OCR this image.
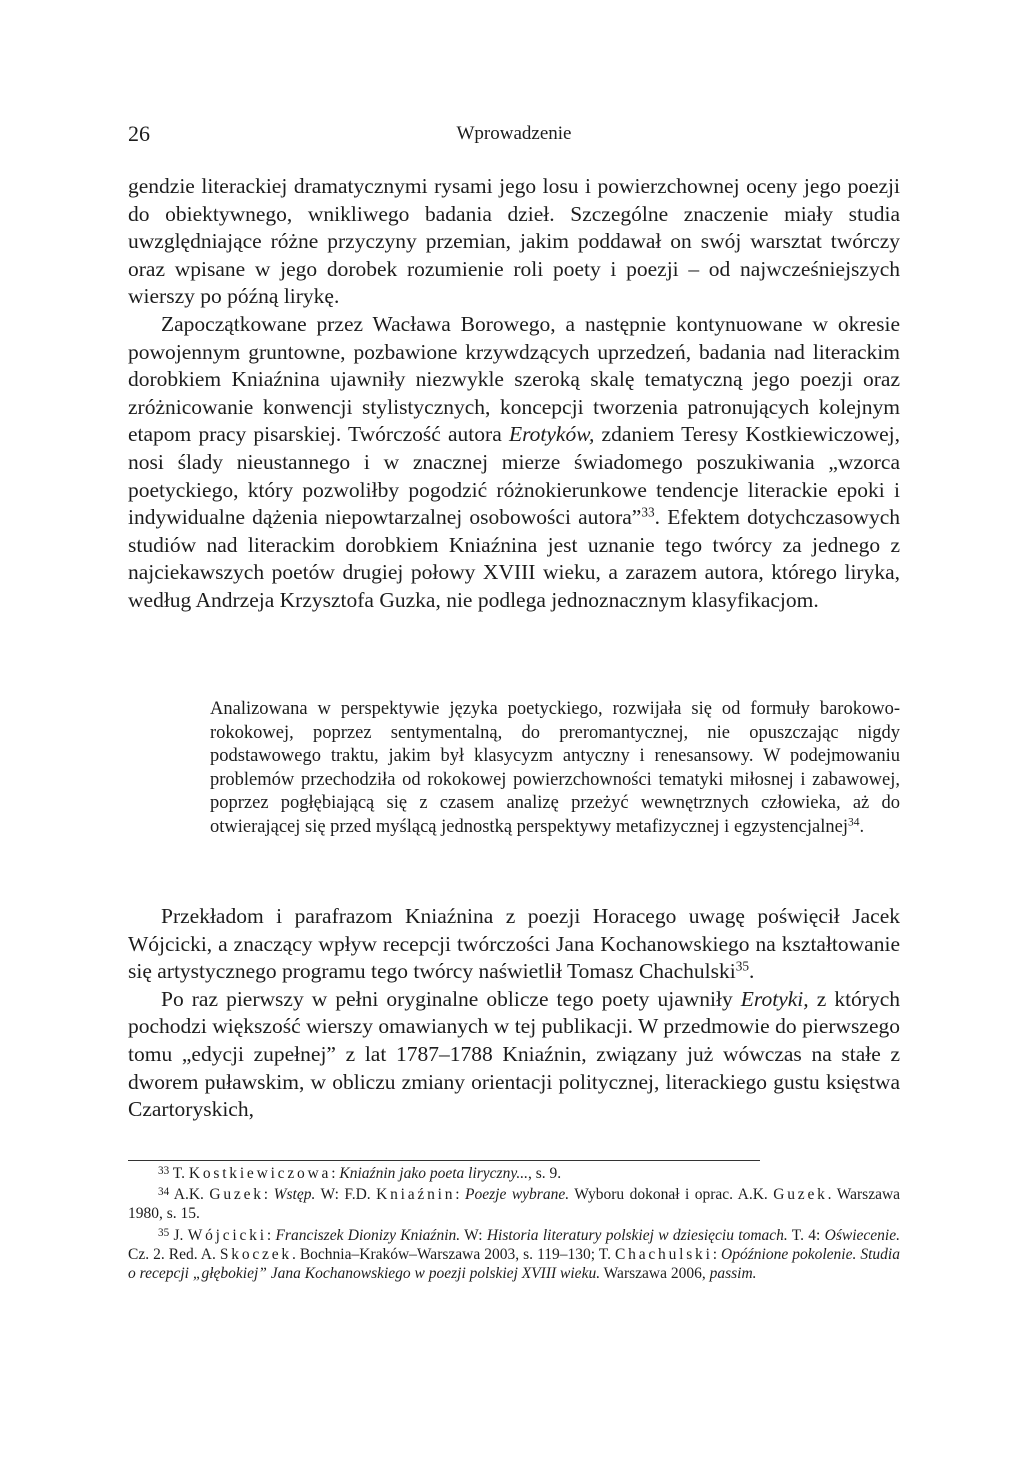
26	Wprowadzenie

gendzie literackiej dramatycznymi rysami jego losu i powierzchownej oceny jego poezji do obiektywnego, wnikliwego badania dzieł. Szczególne znaczenie miały studia uwzględniające różne przyczyny przemian, jakim poddawał on swój warsztat twórczy oraz wpisane w jego dorobek rozumienie roli poety i poezji – od najwcześniejszych wierszy po późną lirykę.

Zapoczątkowane przez Wacława Borowego, a następnie kontynuowane w okresie powojennym gruntowne, pozbawione krzywdzących uprzedzeń, badania nad literackim dorobkiem Kniaźnina ujawniły niezwykle szeroką skalę tematyczną jego poezji oraz zróżnicowanie konwencji stylistycznych, koncepcji tworzenia patronujących kolejnym etapom pracy pisarskiej. Twórczość autora Erotyków, zdaniem Teresy Kostkiewiczowej, nosi ślady nieustannego i w znacznej mierze świadomego poszukiwania „wzorca poetyckiego, który pozwoliłby pogodzić różnokierunkowe tendencje literackie epoki i indywidualne dążenia niepowtarzalnej osobowości autora”$^{33}$. Efektem dotychczasowych studiów nad literackim dorobkiem Kniaźnina jest uznanie tego twórcy za jednego z najciekawszych poetów drugiej połowy XVIII wieku, a zarazem autora, którego liryka, według Andrzeja Krzysztofa Guzka, nie podlega jednoznacznym klasyfikacjom.

Analizowana w perspektywie języka poetyckiego, rozwijała się od formuły barokowo-rokokowej, poprzez sentymentalną, do preromantycznej, nie opuszczając nigdy podstawowego traktu, jakim był klasycyzm antyczny i renesansowy. W podejmowaniu problemów przechodziła od rokokowej powierzchowności tematyki miłosnej i zabawowej, poprzez pogłębiającą się z czasem analizę przeżyć wewnętrznych człowieka, aż do otwierającej się przed myślącą jednostką perspektywy metafizycznej i egzystencjalnej$^{34}$.

Przekładom i parafrazom Kniaźnina z poezji Horacego uwagę poświęcił Jacek Wójcicki, a znaczący wpływ recepcji twórczości Jana Kochanowskiego na kształtowanie się artystycznego programu tego twórcy naświetlił Tomasz Chachulski$^{35}$.

Po raz pierwszy w pełni oryginalne oblicze tego poety ujawniły Erotyki, z których pochodzi większość wierszy omawianych w tej publikacji. W przedmowie do pierwszego tomu „edycji zupełnej” z lat 1787–1788 Kniaźnin, związany już wówczas na stałe z dworem puławskim, w obliczu zmiany orientacji politycznej, literackiego gustu księstwa Czartoryskich,

$^{33}$ T. Kostkiewiczowa: Kniaźnin jako poeta liryczny..., s. 9.

$^{34}$ A.K. Guzek: Wstęp. W: F.D. Kniaźnin: Poezje wybrane. Wyboru dokonał i oprac. A.K. Guzek. Warszawa 1980, s. 15.

$^{35}$ J. Wójcicki: Franciszek Dionizy Kniaźnin. W: Historia literatury polskiej w dziesięciu tomach. T. 4: Oświecenie. Cz. 2. Red. A. Skoczek. Bochnia–Kraków–Warszawa 2003, s. 119–130; T. Chachulski: Opóźnione pokolenie. Studia o recepcji „głębokiej” Jana Kochanowskiego w poezji polskiej XVIII wieku. Warszawa 2006, passim.
